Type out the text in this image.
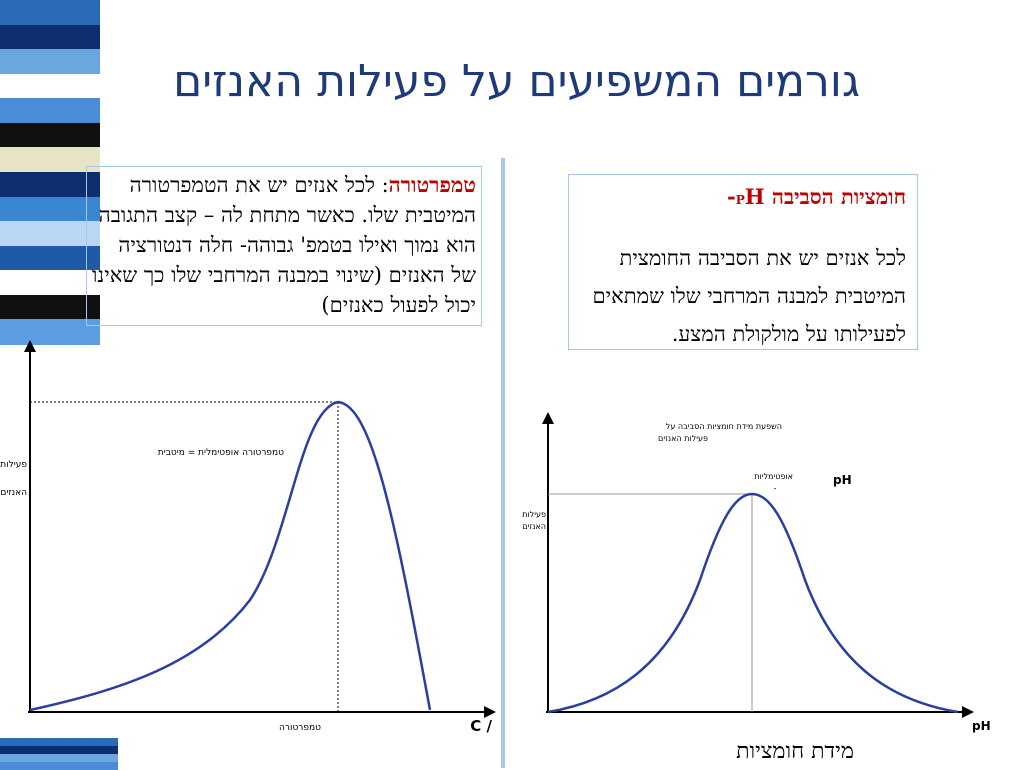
גורמים המשפיעים על פעילות האנזים
טמפרטורה אופטימלית = מיטבית
פעילות
האנזים
טמפרטורה	C /
השפעת מידת חומציות הסביבה על
פעילות האנזים
אופטימליות
-
pH
פעילות
האנזים
pH
טמפרטורה: לכל אנזים יש את הטמפרטורה המיטבית שלו. כאשר מתחת לה – קצב התגובה הוא נמוך ואילו בטמפ' גבוהה- חלה דנטורציה של האנזים (שינוי במבנה המרחבי שלו כך שאינו יכול לפעול כאנזים)
חומציות הסביבה -PH
לכל אנזים יש את הסביבה החומצית המיטבית למבנה המרחבי שלו שמתאים לפעילותו על מולקולת המצע.
מידת חומציות
